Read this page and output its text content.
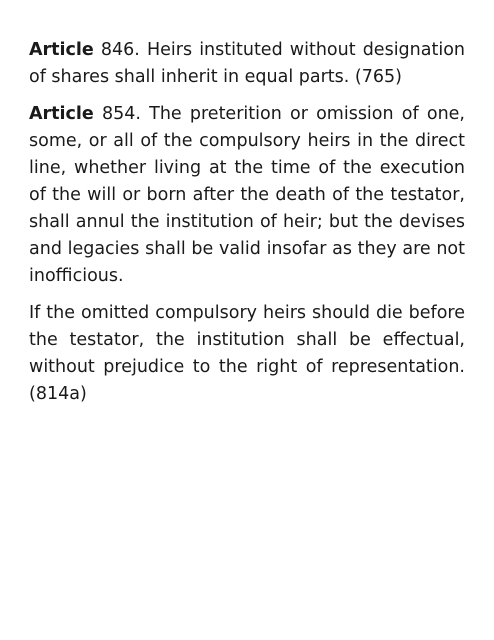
Article 846. Heirs instituted without designation of shares shall inherit in equal parts. (765)

Article 854. The preterition or omission of one, some, or all of the compulsory heirs in the direct line, whether living at the time of the execution of the will or born after the death of the testator, shall annul the institution of heir; but the devises and legacies shall be valid insofar as they are not inofficious.

If the omitted compulsory heirs should die before the testator, the institution shall be effectual, without prejudice to the right of representation. (814a)
